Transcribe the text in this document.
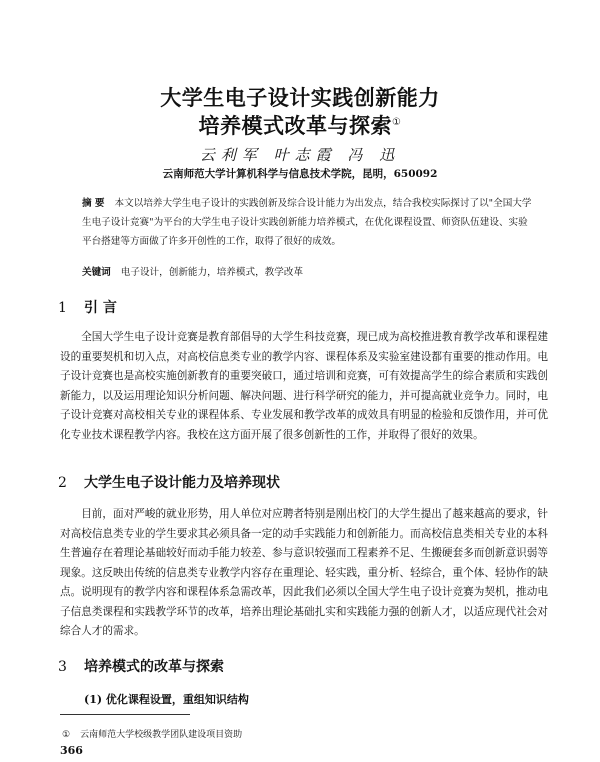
大学生电子设计实践创新能力
培养模式改革与探索①
云利军 叶志霞 冯 迅
云南师范大学计算机科学与信息技术学院，昆明，650092
摘 要 本文以培养大学生电子设计的实践创新及综合设计能力为出发点，结合我校实际探讨了以"全国大学生电子设计竞赛"为平台的大学生电子设计实践创新能力培养模式，在优化课程设置、师资队伍建设、实验平台搭建等方面做了许多开创性的工作，取得了很好的成效。
关键词 电子设计，创新能力，培养模式，教学改革
1 引 言
全国大学生电子设计竞赛是教育部倡导的大学生科技竞赛，现已成为高校推进教育教学改革和课程建设的重要契机和切入点，对高校信息类专业的教学内容、课程体系及实验室建设都有重要的推动作用。电子设计竞赛也是高校实施创新教育的重要突破口，通过培训和竞赛，可有效提高学生的综合素质和实践创新能力，以及运用理论知识分析问题、解决问题、进行科学研究的能力，并可提高就业竞争力。同时，电子设计竞赛对高校相关专业的课程体系、专业发展和教学改革的成效具有明显的检验和反馈作用，并可优化专业技术课程教学内容。我校在这方面开展了很多创新性的工作，并取得了很好的效果。
2 大学生电子设计能力及培养现状
目前，面对严峻的就业形势，用人单位对应聘者特别是刚出校门的大学生提出了越来越高的要求，针对高校信息类专业的学生要求其必须具备一定的动手实践能力和创新能力。而高校信息类相关专业的本科生普遍存在着理论基础较好而动手能力较差、参与意识较强而工程素养不足、生搬硬套多而创新意识弱等现象。这反映出传统的信息类专业教学内容存在重理论、轻实践，重分析、轻综合，重个体、轻协作的缺点。说明现有的教学内容和课程体系急需改革，因此我们必须以全国大学生电子设计竞赛为契机，推动电子信息类课程和实践教学环节的改革，培养出理论基础扎实和实践能力强的创新人才，以适应现代社会对综合人才的需求。
3 培养模式的改革与探索
(1) 优化课程设置，重组知识结构
① 云南师范大学校级教学团队建设项目资助
366
